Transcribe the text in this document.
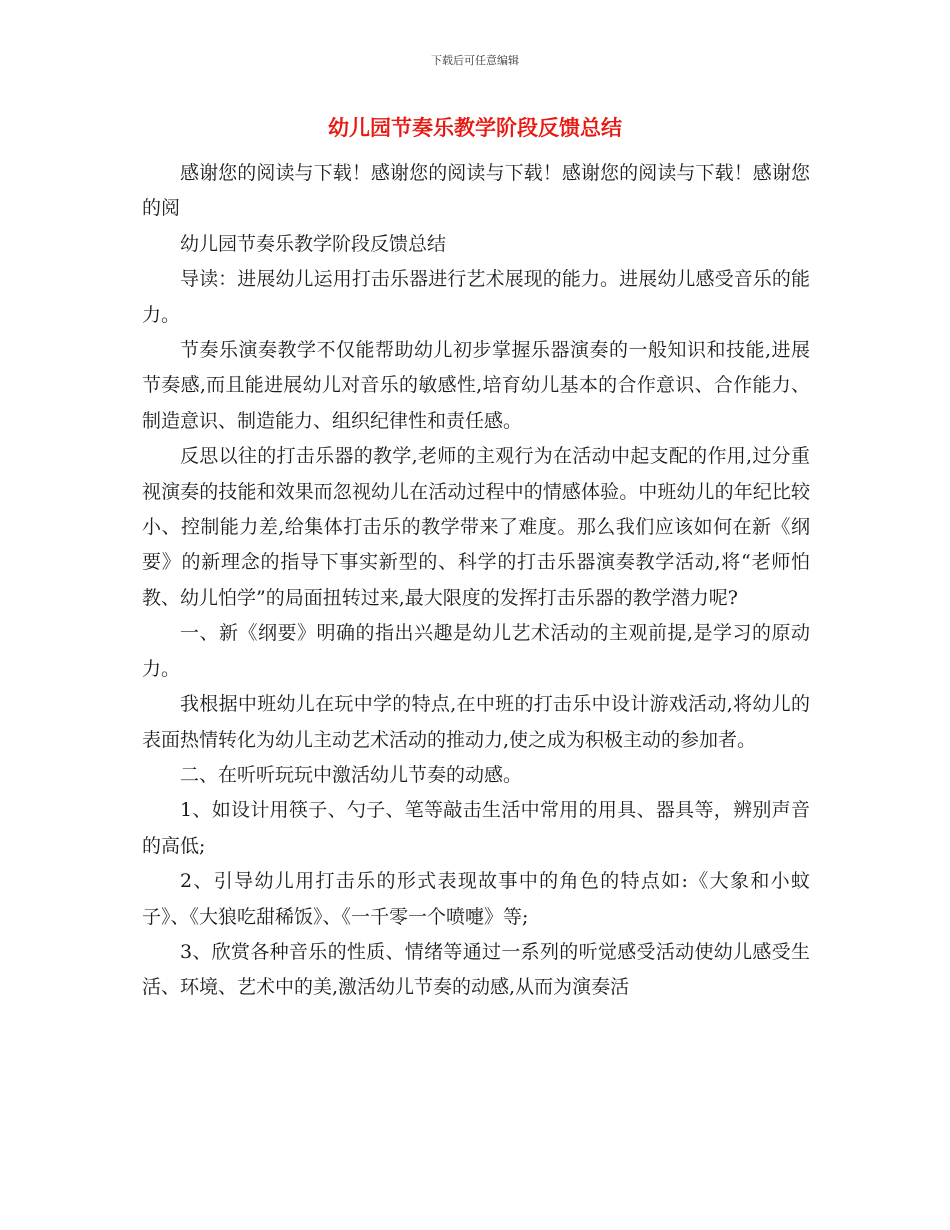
下载后可任意编辑
幼儿园节奏乐教学阶段反馈总结

感谢您的阅读与下载！感谢您的阅读与下载！感谢您的阅读与下载！感谢您的阅

幼儿园节奏乐教学阶段反馈总结

导读：进展幼儿运用打击乐器进行艺术展现的能力。进展幼儿感受音乐的能力。

节奏乐演奏教学不仅能帮助幼儿初步掌握乐器演奏的一般知识和技能,进展节奏感,而且能进展幼儿对音乐的敏感性,培育幼儿基本的合作意识、合作能力、制造意识、制造能力、组织纪律性和责任感。

反思以往的打击乐器的教学,老师的主观行为在活动中起支配的作用,过分重视演奏的技能和效果而忽视幼儿在活动过程中的情感体验。中班幼儿的年纪比较小、控制能力差,给集体打击乐的教学带来了难度。那么我们应该如何在新《纲要》的新理念的指导下事实新型的、科学的打击乐器演奏教学活动,将“老师怕教、幼儿怕学”的局面扭转过来,最大限度的发挥打击乐器的教学潜力呢?

一、新《纲要》明确的指出兴趣是幼儿艺术活动的主观前提,是学习的原动力。

我根据中班幼儿在玩中学的特点,在中班的打击乐中设计游戏活动,将幼儿的表面热情转化为幼儿主动艺术活动的推动力,使之成为积极主动的参加者。

二、在听听玩玩中激活幼儿节奏的动感。

1、如设计用筷子、勺子、笔等敲击生活中常用的用具、器具等，辨别声音的高低;

2、引导幼儿用打击乐的形式表现故事中的角色的特点如:《大象和小蚊子》、《大狼吃甜稀饭》、《一千零一个喷嚏》等;

3、欣赏各种音乐的性质、情绪等通过一系列的听觉感受活动使幼儿感受生活、环境、艺术中的美,激活幼儿节奏的动感,从而为演奏活
